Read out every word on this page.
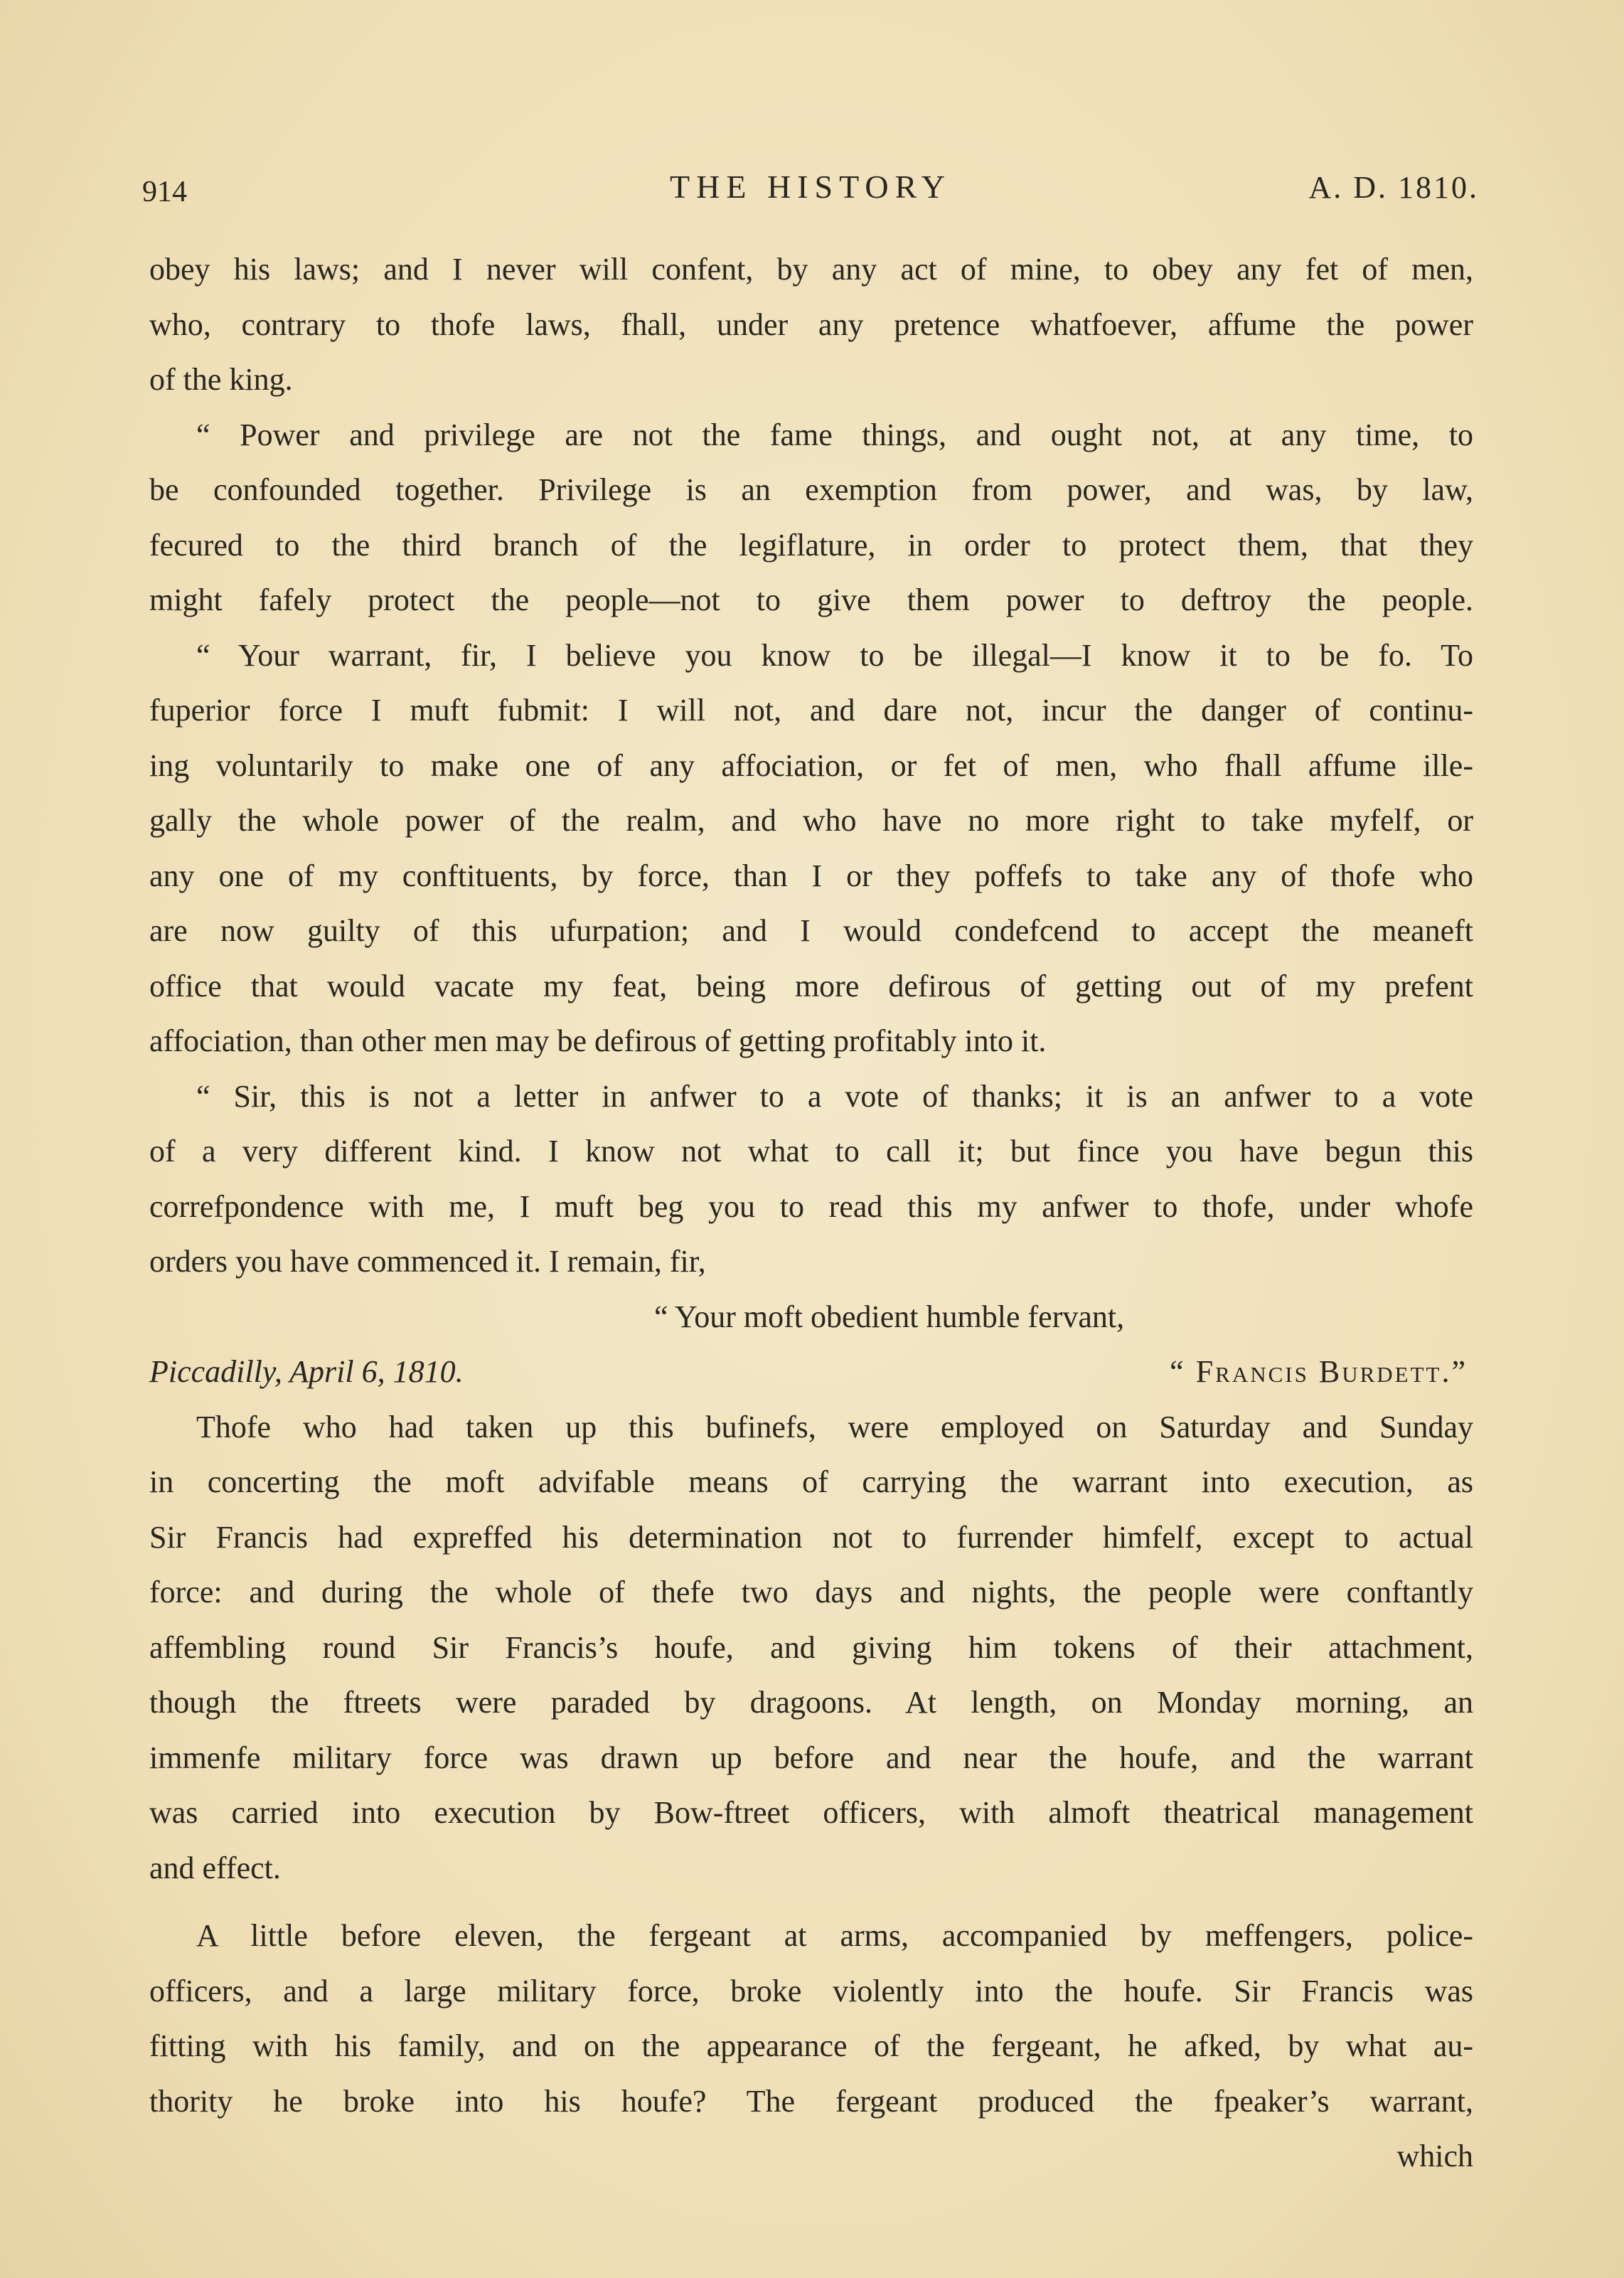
914	THE HISTORY	A. D. 1810.
obey his laws; and I never will confent, by any act of mine, to obey any fet of men,
who, contrary to thofe laws, fhall, under any pretence whatfoever, affume the power
of the king.
“ Power and privilege are not the fame things, and ought not, at any time, to
be confounded together. Privilege is an exemption from power, and was, by law,
fecured to the third branch of the legiflature, in order to protect them, that they
might fafely protect the people—not to give them power to deftroy the people.
“ Your warrant, fir, I believe you know to be illegal—I know it to be fo. To
fuperior force I muft fubmit: I will not, and dare not, incur the danger of continu-
ing voluntarily to make one of any affociation, or fet of men, who fhall affume ille-
gally the whole power of the realm, and who have no more right to take myfelf, or
any one of my conftituents, by force, than I or they poffefs to take any of thofe who
are now guilty of this ufurpation; and I would condefcend to accept the meaneft
office that would vacate my feat, being more defirous of getting out of my prefent
affociation, than other men may be defirous of getting profitably into it.
“ Sir, this is not a letter in anfwer to a vote of thanks; it is an anfwer to a vote
of a very different kind. I know not what to call it; but fince you have begun this
correfpondence with me, I muft beg you to read this my anfwer to thofe, under whofe
orders you have commenced it. I remain, fir,
“ Your moft obedient humble fervant,
Piccadilly, April 6, 1810.	“ Francis Burdett.”
Thofe who had taken up this bufinefs, were employed on Saturday and Sunday
in concerting the moft advifable means of carrying the warrant into execution, as
Sir Francis had expreffed his determination not to furrender himfelf, except to actual
force: and during the whole of thefe two days and nights, the people were conftantly
affembling round Sir Francis’s houfe, and giving him tokens of their attachment,
though the ftreets were paraded by dragoons. At length, on Monday morning, an
immenfe military force was drawn up before and near the houfe, and the warrant
was carried into execution by Bow-ftreet officers, with almoft theatrical management
and effect.
A little before eleven, the fergeant at arms, accompanied by meffengers, police-
officers, and a large military force, broke violently into the houfe. Sir Francis was
fitting with his family, and on the appearance of the fergeant, he afked, by what au-
thority he broke into his houfe? The fergeant produced the fpeaker’s warrant,
which
